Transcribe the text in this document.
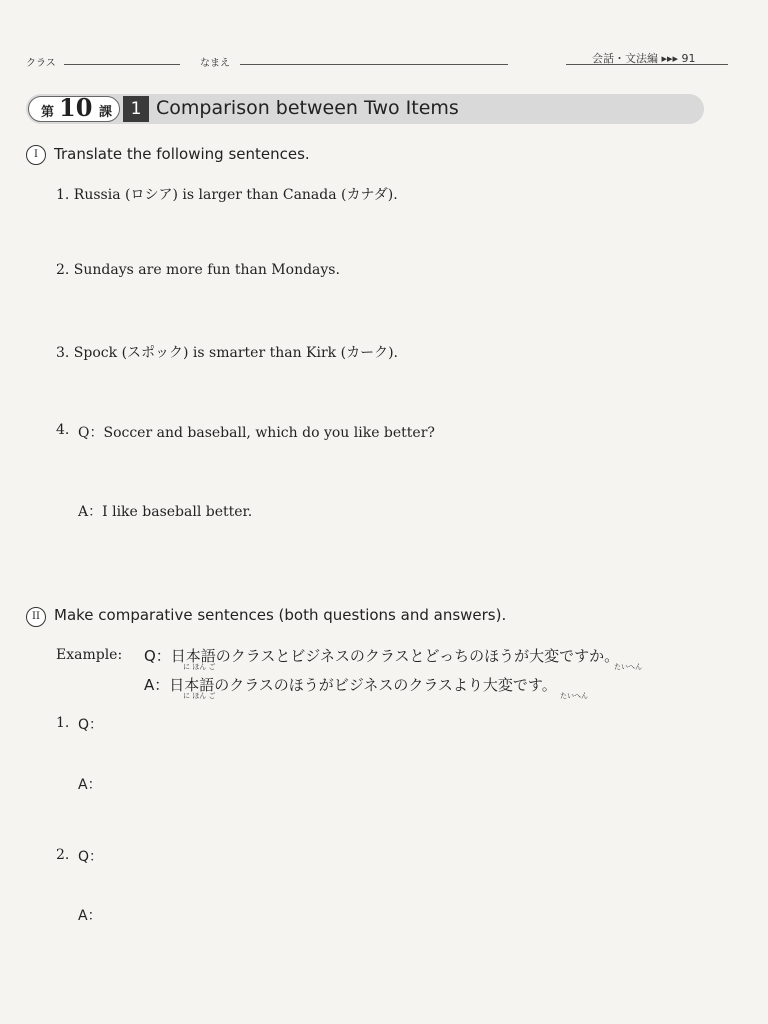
クラス	なまえ	会話・文法編 ▸▸▸ 91
第 10 課	1 Comparison between Two Items
I	Translate the following sentences.
1. Russia (ロシア) is larger than Canada (カナダ).
2. Sundays are more fun than Mondays.
3. Spock (スポック) is smarter than Kirk (カーク).
4. Q：Soccer and baseball, which do you like better?
A：I like baseball better.
II Make comparative sentences (both questions and answers).
Example: Q：日本語のクラスとビジネスのクラスとどっちのほうが大変ですか。
に ほん ご	たいへん
A：日本語のクラスのほうがビジネスのクラスより大変です。
に ほん ご	たいへん
1. Q：
A：
2. Q：
A：
